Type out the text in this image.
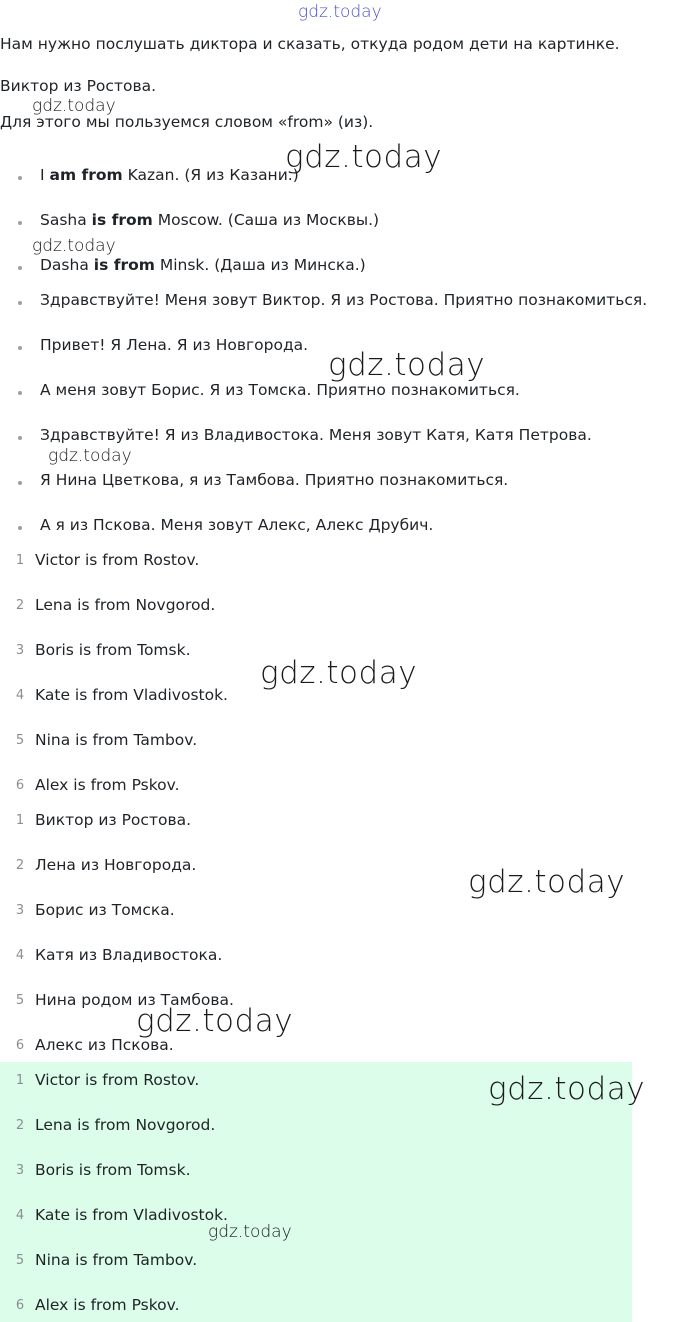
Нам нужно послушать диктора и сказать, откуда родом дети на картинке.
Виктор из Ростова.
Для этого мы пользуемся словом «from» (из).
I am from Kazan. (Я из Казани.)
Sasha is from Moscow. (Саша из Москвы.)
Dasha is from Minsk. (Даша из Минска.)
Здравствуйте! Меня зовут Виктор. Я из Ростова. Приятно познакомиться.
Привет! Я Лена. Я из Новгорода.
А меня зовут Борис. Я из Томска. Приятно познакомиться.
Здравствуйте! Я из Владивостока. Меня зовут Катя, Катя Петрова.
Я Нина Цветкова, я из Тамбова. Приятно познакомиться.
А я из Пскова. Меня зовут Алекс, Алекс Друбич.
1 Victor is from Rostov.
2 Lena is from Novgorod.
3 Boris is from Tomsk.
4 Kate is from Vladivostok.
5 Nina is from Tambov.
6 Alex is from Pskov.
1 Виктор из Ростова.
2 Лена из Новгорода.
3 Борис из Томска.
4 Катя из Владивостока.
5 Нина родом из Тамбова.
6 Алекс из Пскова.
1 Victor is from Rostov.
2 Lena is from Novgorod.
3 Boris is from Tomsk.
4 Kate is from Vladivostok.
5 Nina is from Tambov.
6 Alex is from Pskov.
gdz.today
gdz.today
gdz.today
gdz.today
gdz.today
gdz.today
gdz.today
gdz.today
gdz.today
gdz.today
gdz.today
